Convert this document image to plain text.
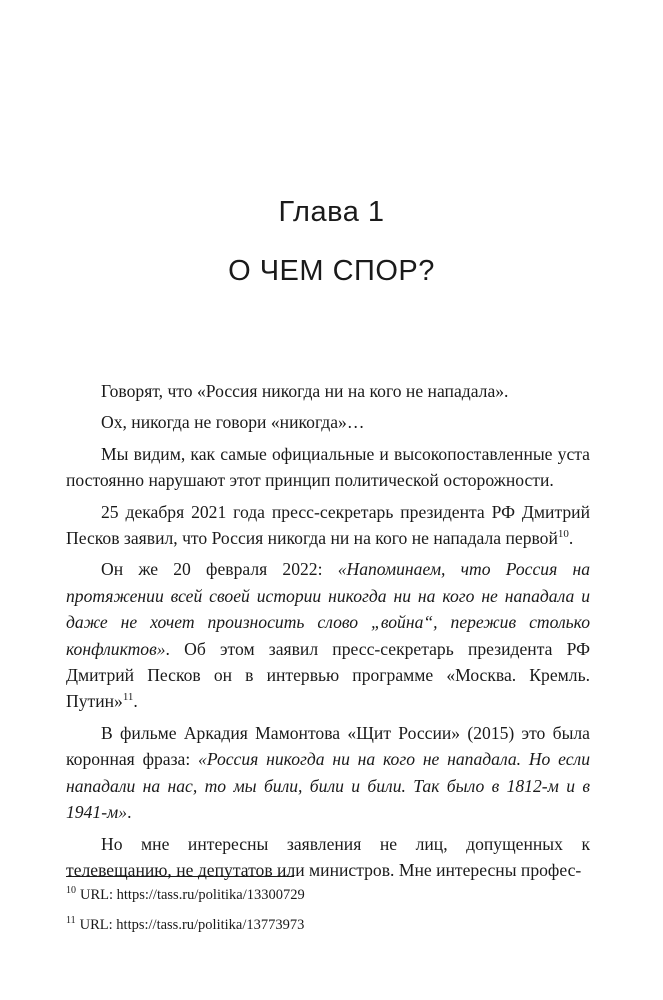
Глава 1
О ЧЕМ СПОР?

Говорят, что «Россия никогда ни на кого не нападала».

Ох, никогда не говори «никогда»…

Мы видим, как самые официальные и высокопоставленные уста постоянно нарушают этот принцип политической осторожности.

25 декабря 2021 года пресс-секретарь президента РФ Дмитрий Песков заявил, что Россия никогда ни на кого не нападала первой$^{10}$.

Он же 20 февраля 2022: «Напоминаем, что Россия на протяжении всей своей истории никогда ни на кого не нападала и даже не хочет произносить слово „война“, пережив столько конфликтов». Об этом заявил пресс-секретарь президента РФ Дмитрий Песков он в интервью программе «Москва. Кремль. Путин»$^{11}$.

В фильме Аркадия Мамонтова «Щит России» (2015) это была коронная фраза: «Россия никогда ни на кого не нападала. Но если нападали на нас, то мы били, били и били. Так было в 1812-м и в 1941-м».

Но мне интересны заявления не лиц, допущенных к телевещанию, не депутатов или министров. Мне интересны профес-

$^{10}$ URL: https://tass.ru/politika/13300729
$^{11}$ URL: https://tass.ru/politika/13773973
